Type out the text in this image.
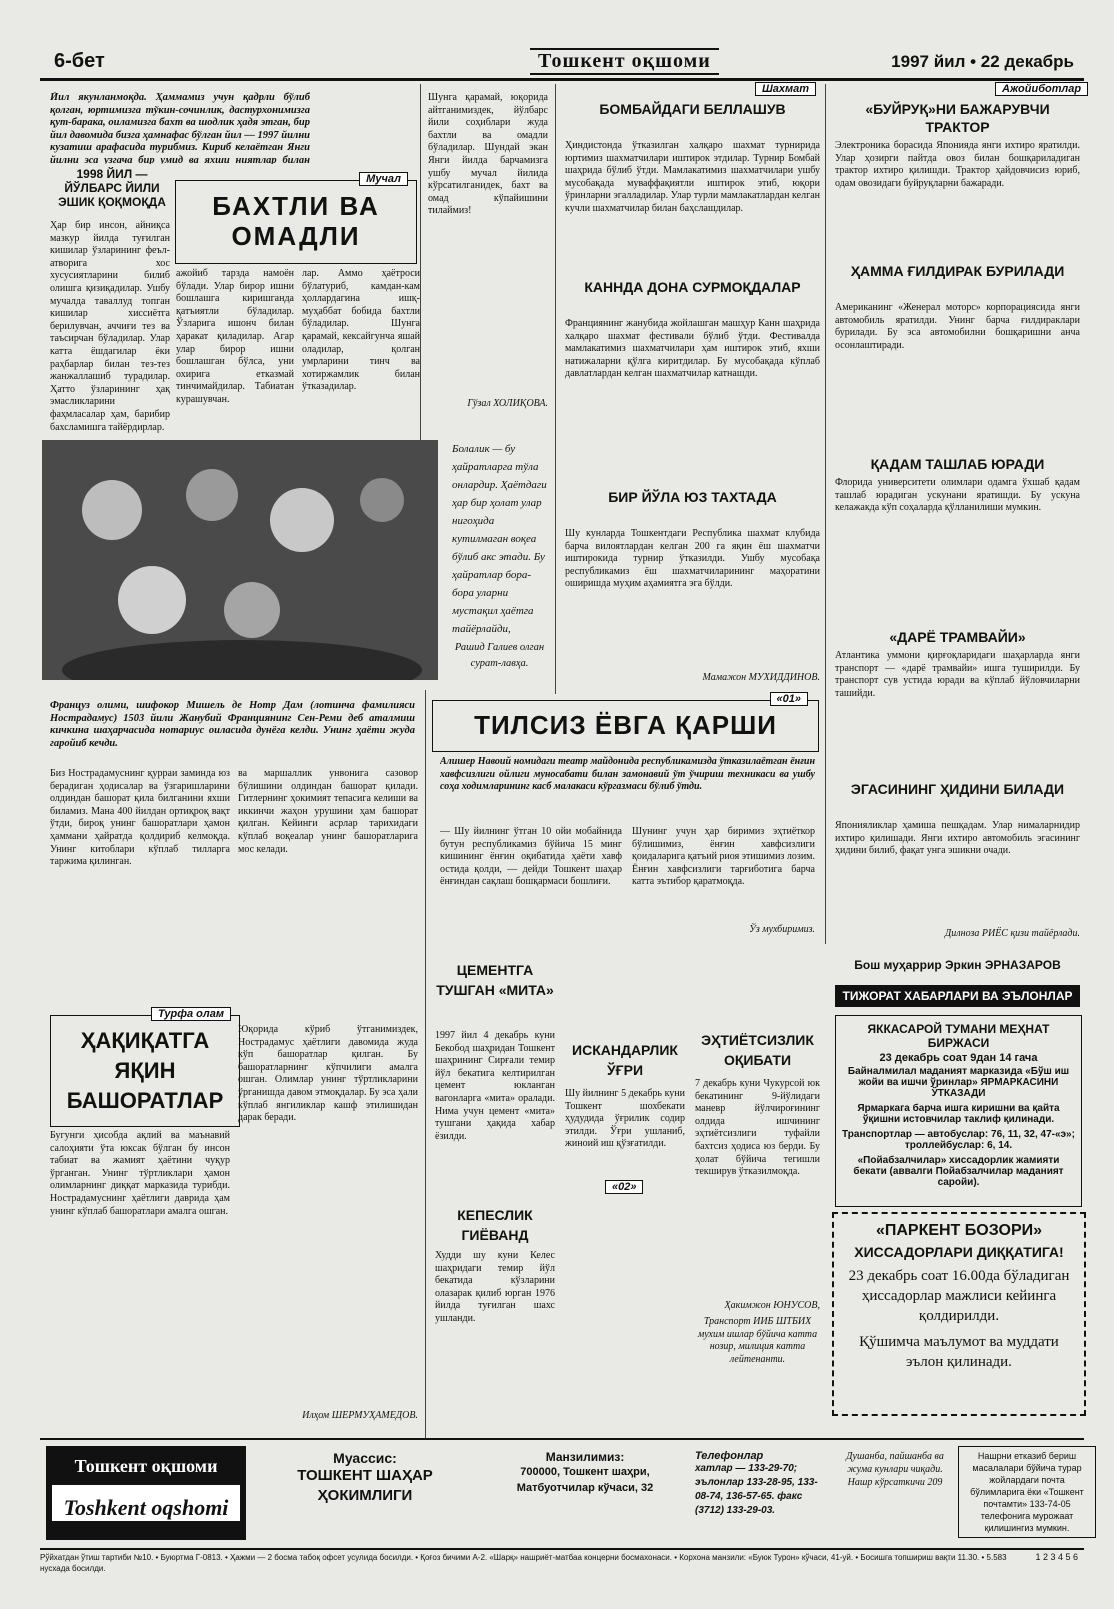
6-бет	Тошкент оқшоми	1997 йил • 22 декабрь
Йил якунланмоқда. Ҳаммамиз учун қадрли бўлиб қолган, юртимизга тўкин-сочинлик, дастурхонимизга қут-барака, оиламизга бахт ва шодлик ҳадя этган, бир йил давомида бизга ҳамнафас бўлган йил — 1997 йилни кузатиш арафасида турибмиз. Кириб келаётган Янги йилни эса узгача бир умид ва яхши ниятлар билан
1998 ЙИЛ — ЙЎЛБАРС ЙИЛИ ЭШИК ҚОҚМОҚДА
Мучал
БАХТЛИ ВА ОМАДЛИ
Ҳар бир инсон, айниқса мазкур йилда туғилган кишилар ўзларининг феъл-атворига хос хусусиятларини билиб олишга қизиқадилар. Ушбу мучалда таваллуд топган кишилар хиссиётга берилувчан, аччиғи тез ва таъсирчан бўладилар. Улар катта ёшдагилар ёки раҳбарлар билан тез-тез жанжаллашиб турадилар. Ҳатто ўзларининг ҳақ эмасликларини фаҳмласалар ҳам, барибир бахсламишга тайёрдирлар.
ажойиб тарзда намоён бўлади. Улар бирор ишни бошлашга киришганда қатъиятли бўладилар. Ўзларига ишонч билан ҳаракат қиладилар. Агар улар бирор ишни бошлашган бўлса, уни охирига етказмай тинчимайдилар. Табиатан курашувчан.
лар. Аммо ҳаётроси бўлатуриб, камдан-кам ҳоллардагина ишқ-муҳаббат бобида бахтли бўладилар. Шунга қарамай, кексайгунча яшай оладилар, қолган умрларини тинч ва хотиржамлик билан ўтказадилар.
Шунга қарамай, юқорида айтганимиздек, йўлбарс йили соҳиблари жуда бахтли ва омадли бўладилар. Шундай экан Янги йилда барчамизга ушбу мучал йилида кўрсатилганидек, бахт ва омад кўпайишини тилаймиз!
Гўзал ХОЛИҚОВА.
Болалик — бу ҳайратларга тўла онлардир. Ҳаётдаги ҳар бир ҳолат улар нигоҳида кутилмаган воқеа бўлиб акс этади. Бу ҳайратлар бора-бора уларни мустақил ҳаётга тайёрлайди,
Рашид Галиев олган сурат-лавҳа.
Шахмат
БОМБАЙДАГИ БЕЛЛАШУВ
Ҳиндистонда ўтказилган халқаро шахмат турнирида юртимиз шахматчилари иштирок этдилар. Турнир Бомбай шаҳрида бўлиб ўтди. Мамлакатимиз шахматчилари ушбу мусобақада муваффақиятли иштирок этиб, юқори ўринларни эгалладилар. Улар турли мамлакатлардан келган кучли шахматчилар билан баҳслашдилар.
КАННДА ДОНА СУРМОҚДАЛАР
Франциянинг жанубида жойлашган машҳур Канн шаҳрида халқаро шахмат фестивали бўлиб ўтди. Фестивалда мамлакатимиз шахматчилари ҳам иштирок этиб, яхши натижаларни қўлга киритдилар. Бу мусобақада кўплаб давлатлардан келган шахматчилар катнашди.
БИР ЙЎЛА ЮЗ ТАХТАДА
Шу кунларда Тошкентдаги Республика шахмат клубида барча вилоятлардан келган 200 га яқин ёш шахматчи иштирокида турнир ўтказилди. Ушбу мусобақа республикамиз ёш шахматчиларининг маҳоратини оширишда муҳим аҳамиятга эга бўлди.
Мамажон МУХИДДИНОВ.
Ажойиботлар
«БУЙРУҚ»НИ БАЖАРУВЧИ ТРАКТОР
Электроника борасида Японияда янги ихтиро яратилди. Улар ҳозирги пайтда овоз билан бошқариладиган трактор ихтиро қилишди. Трактор ҳайдовчисиз юриб, одам овозидаги буйруқларни бажаради.
ҲАММА ҒИЛДИРАК БУРИЛАДИ
Американинг «Женерал моторс» корпорациясида янги автомобиль яратилди. Унинг барча ғилдираклари бурилади. Бу эса автомобилни бошқаришни анча осонлаштиради.
ҚАДАМ ТАШЛАБ ЮРАДИ
Флорида университети олимлари одамга ўхшаб қадам ташлаб юрадиган ускунани яратишди. Бу ускуна келажакда кўп соҳаларда қўлланилиши мумкин.
«ДАРЁ ТРАМВАЙИ»
Атлантика уммони қирғоқларидаги шаҳарларда янги транспорт — «дарё трамвайи» ишга туширилди. Бу транспорт сув устида юради ва кўплаб йўловчиларни ташийди.
ЭГАСИНИНГ ҲИДИНИ БИЛАДИ
Японияликлар ҳамиша пешқадам. Улар нималарнидир ихтиро қилишади. Янги ихтиро автомобиль эгасининг ҳидини билиб, фақат унга эшикни очади.
Дилноза РИЁС қизи тайёрлади.
«01»
ТИЛСИЗ ЁВГА ҚАРШИ
Алишер Навоий номидаги театр майдонида республикамизда ўтказилаётган ёнғин хавфсизлиги ойлиги муносабати билан замонавий ўт ўчириш техникаси ва ушбу соҳа ходимларининг касб малакаси кўргазмаси бўлиб ўтди.
— Шу йилнинг ўтган 10 ойи мобайнида бутун республикамиз бўйича 15 минг кишининг ёнғин оқибатида ҳаёти хавф остида қолди, — дейди Тошкент шаҳар ёнғиндан сақлаш бошқармаси бошлиғи.
Шунинг учун ҳар биримиз эҳтиёткор бўлишимиз, ёнғин хавфсизлиги қоидаларига қатъий риоя этишимиз лозим. Ёнғин хавфсизлиги тарғиботига барча катта эътибор қаратмоқда.
Ўз мухбиримиз.
Француз олими, шифокор Мишель де Нотр Дам (лотинча фамилияси Нострадамус) 1503 йили Жанубий Франциянинг Сен-Реми деб аталмиш кичкина шаҳарчасида нотариус оиласида дунёга келди. Унинг ҳаёти жуда гаройиб кечди.
Биз Нострадамуснинг қурраи заминда юз берадиган ҳодисалар ва ўзгаришларини олдиндан башорат қила билганини яхши биламиз. Мана 400 йилдан ортиқроқ вақт ўтди, бироқ унинг башоратлари ҳамон ҳаммани ҳайратда қолдириб келмоқда. Унинг китоблари кўплаб тилларга таржима қилинган.
ва маршаллик унвонига сазовор бўлишини олдиндан башорат қилади. Гитлернинг ҳокимият тепасига келиши ва иккинчи жаҳон урушини ҳам башорат қилган. Кейинги асрлар тарихидаги кўплаб воқеалар унинг башоратларига мос келади.
Турфа олам
ҲАҚИҚАТГА ЯҚИН БАШОРАТЛАР
Бугунги ҳисобда ақлий ва маънавий салоҳияти ўта юксак бўлган бу инсон табиат ва жамият ҳаётини чуқур ўрганган. Унинг тўртликлари ҳамон олимларнинг диққат марказида турибди. Нострадамуснинг ҳаётлиги даврида ҳам унинг кўплаб башоратлари амалга ошган.
Юқорида кўриб ўтганимиздек, Нострадамус ҳаётлиги давомида жуда кўп башоратлар қилган. Бу башоратларнинг кўпчилиги амалга ошган. Олимлар унинг тўртликларини ўрганишда давом этмоқдалар. Бу эса ҳали кўплаб янгиликлар кашф этилишидан дарак беради.
Илҳом ШЕРМУҲАМЕДОВ.
ЦЕМЕНТГА ТУШГАН «МИТА»
1997 йил 4 декабрь куни Бекобод шаҳридан Тошкент шаҳрининг Сирғали темир йўл бекатига келтирилган цемент юкланган вагонларга «мита» оралади. Нима учун цемент «мита» тушгани ҳақида хабар ёзилди.
ИСКАНДАРЛИК ЎҒРИ
Шу йилнинг 5 декабрь куни Тошкент шохбекати ҳудудида ўғрилик содир этилди. Ўғри ушланиб, жиноий иш қўзғатилди.
«02»
ЭҲТИЁТСИЗЛИК ОҚИБАТИ
7 декабрь куни Чукурсой юк бекатининг 9-йўлидаги маневр йўлчироғининг олдида ишчининг эҳтиётсизлиги туфайли бахтсиз ҳодиса юз берди. Бу ҳолат бўйича тегишли текширув ўтказилмоқда.
КЕПЕСЛИК ГИЁВАНД
Худди шу куни Келес шаҳридаги темир йўл бекатида кўзларини олазарак қилиб юрган 1976 йилда туғилган шахс ушланди.
Ҳакимжон ЮНУСОВ,
Транспорт ИИБ ШТБИХ мухим ишлар бўйича катта нозир, милиция катта лейтенанти.
Бош муҳаррир Эркин ЭРНАЗАРОВ
ТИЖОРАТ ХАБАРЛАРИ ВА ЭЪЛОНЛАР
ЯККАСАРОЙ ТУМАНИ МЕҲНАТ БИРЖАСИ
23 декабрь соат 9дан 14 гача
Байналмилал маданият марказида «Бўш иш жойи ва ишчи ўринлар» ЯРМАРКАСИНИ ЎТКАЗАДИ
Ярмаркага барча ишга киришни ва қайта ўқишни истовчилар таклиф қилинади.
Транспортлар — автобуслар: 76, 11, 32, 47-«э»; троллейбуслар: 6, 14.
«Пойабзалчилар» хиссадорлик жамияти бекати (аввалги Пойабзалчилар маданият саройи).
«ПАРКЕНТ БОЗОРИ»
ХИССАДОРЛАРИ ДИҚҚАТИГА!
23 декабрь соат 16.00да бўладиган ҳиссадорлар мажлиси кейинга қолдирилди.
Қўшимча маълумот ва муддати эълон қилинади.
Тошкент оқшоми
Toshkent oqshomi
Муассис:
ТОШКЕНТ ШАҲАР ҲОКИМЛИГИ
Манзилимиз:
700000, Тошкент шаҳри, Матбуотчилар кўчаси, 32
Телефонлар
хатлар — 133-29-70; эълонлар 133-28-95, 133-08-74, 136-57-65. факс (3712) 133-29-03.
Душанба, пайшанба ва жума кунлари чиқади. Нашр кўрсаткичи 209
Нашрни етказиб бериш масалалари бўйича турар жойлардаги почта бўлимларига ёки «Тошкент почтамти» 133-74-05 телефонига мурожаат қилишингиз мумкин.
Рўйхатдан ўтиш тартиби №10. • Буюртма Г-0813. • Ҳажми — 2 босма табоқ офсет усулида босилди. • Қоғоз бичими А-2. «Шарқ» нашриёт-матбаа концерни босмахонаси. • Корхона манзили: «Буюк Турон» кўчаси, 41-уй. • Босишга топшириш вақти 11.30. • 5.583 нусхада босилди.
1 2 3 4 5 6
